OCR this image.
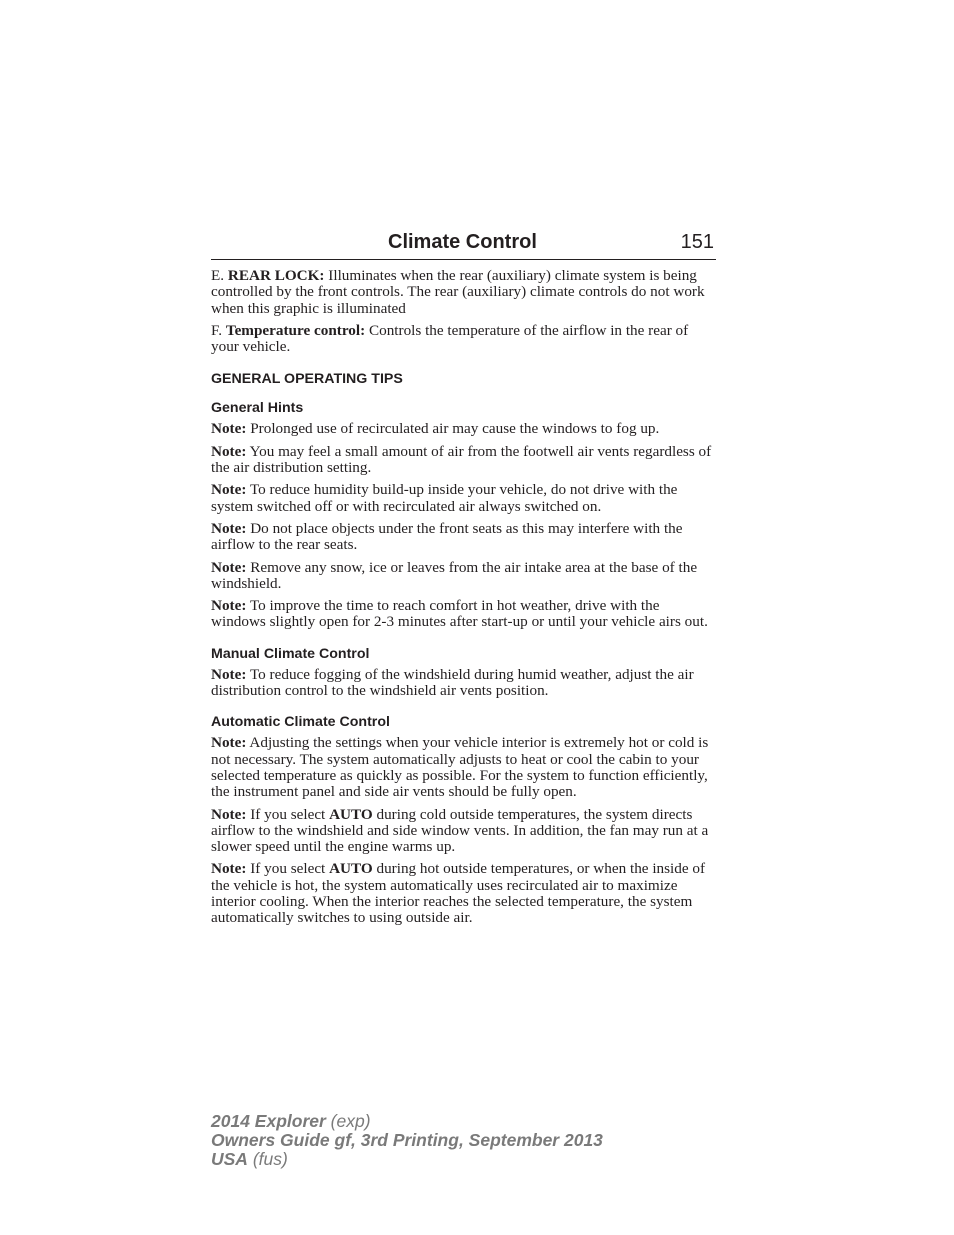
Climate Control	151

E. REAR LOCK: Illuminates when the rear (auxiliary) climate system is being controlled by the front controls. The rear (auxiliary) climate controls do not work when this graphic is illuminated

F. Temperature control: Controls the temperature of the airflow in the rear of your vehicle.

GENERAL OPERATING TIPS
General Hints

Note: Prolonged use of recirculated air may cause the windows to fog up.

Note: You may feel a small amount of air from the footwell air vents regardless of the air distribution setting.

Note: To reduce humidity build-up inside your vehicle, do not drive with the system switched off or with recirculated air always switched on.

Note: Do not place objects under the front seats as this may interfere with the airflow to the rear seats.

Note: Remove any snow, ice or leaves from the air intake area at the base of the windshield.

Note: To improve the time to reach comfort in hot weather, drive with the windows slightly open for 2-3 minutes after start-up or until your vehicle airs out.

Manual Climate Control

Note: To reduce fogging of the windshield during humid weather, adjust the air distribution control to the windshield air vents position.

Automatic Climate Control

Note: Adjusting the settings when your vehicle interior is extremely hot or cold is not necessary. The system automatically adjusts to heat or cool the cabin to your selected temperature as quickly as possible. For the system to function efficiently, the instrument panel and side air vents should be fully open.

Note: If you select AUTO during cold outside temperatures, the system directs airflow to the windshield and side window vents. In addition, the fan may run at a slower speed until the engine warms up.

Note: If you select AUTO during hot outside temperatures, or when the inside of the vehicle is hot, the system automatically uses recirculated air to maximize interior cooling. When the interior reaches the selected temperature, the system automatically switches to using outside air.

2014 Explorer (exp)
Owners Guide gf, 3rd Printing, September 2013
USA (fus)
